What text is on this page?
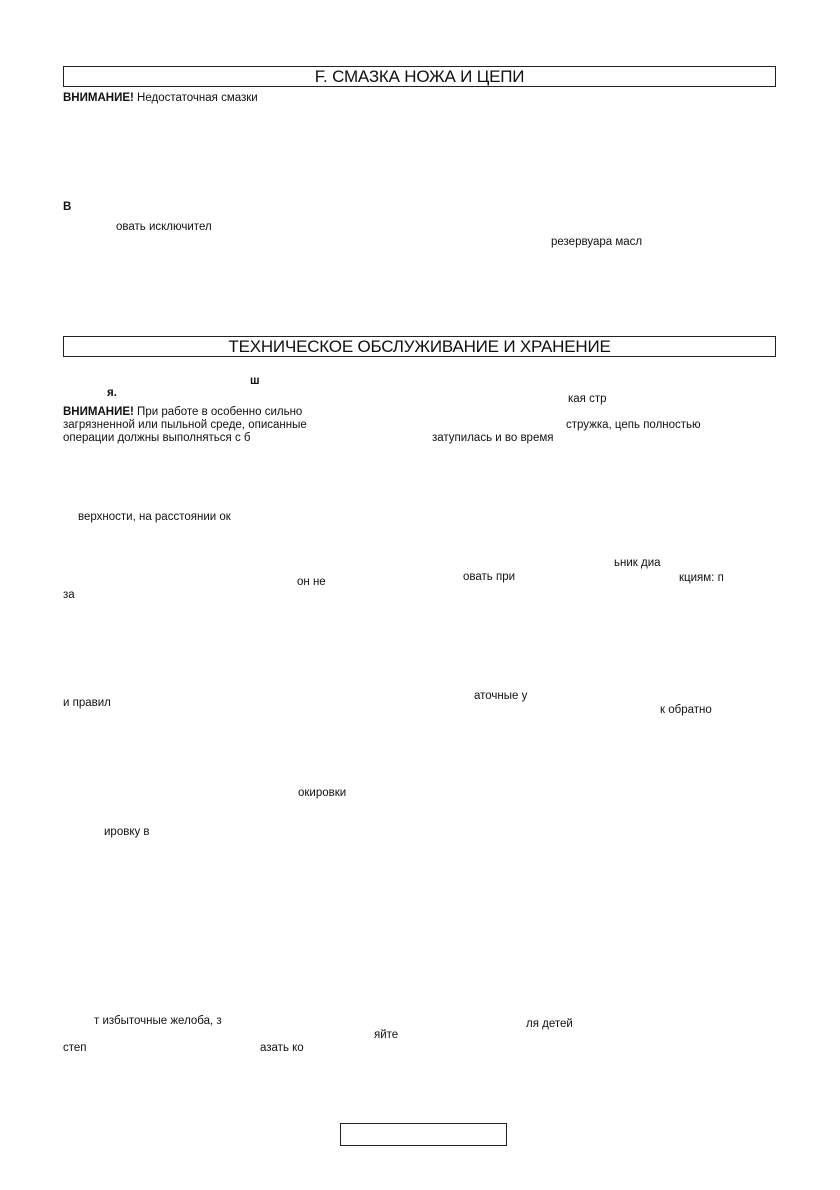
F. СМАЗКА НОЖА И ЦЕПИ
ВНИМАНИЕ! Недостаточная смазки
В
овать исключител
резервуара масл
ТЕХНИЧЕСКОЕ ОБСЛУЖИВАНИЕ И ХРАНЕНИЕ
ш
я.
ВНИМАНИЕ! При работе в особенно сильно
загрязненной или пыльной среде, описанные
операции должны выполняться с б
кая стр
стружка, цепь полностью
затупилась и во время
верхности, на расстоянии ок
ьник диа
он не	овать при	кциям: п
за
аточные у
и правил
к обратно
окировки
ировку в
т избыточные желоба, з	ля детей
яйте
степ	азать ко
